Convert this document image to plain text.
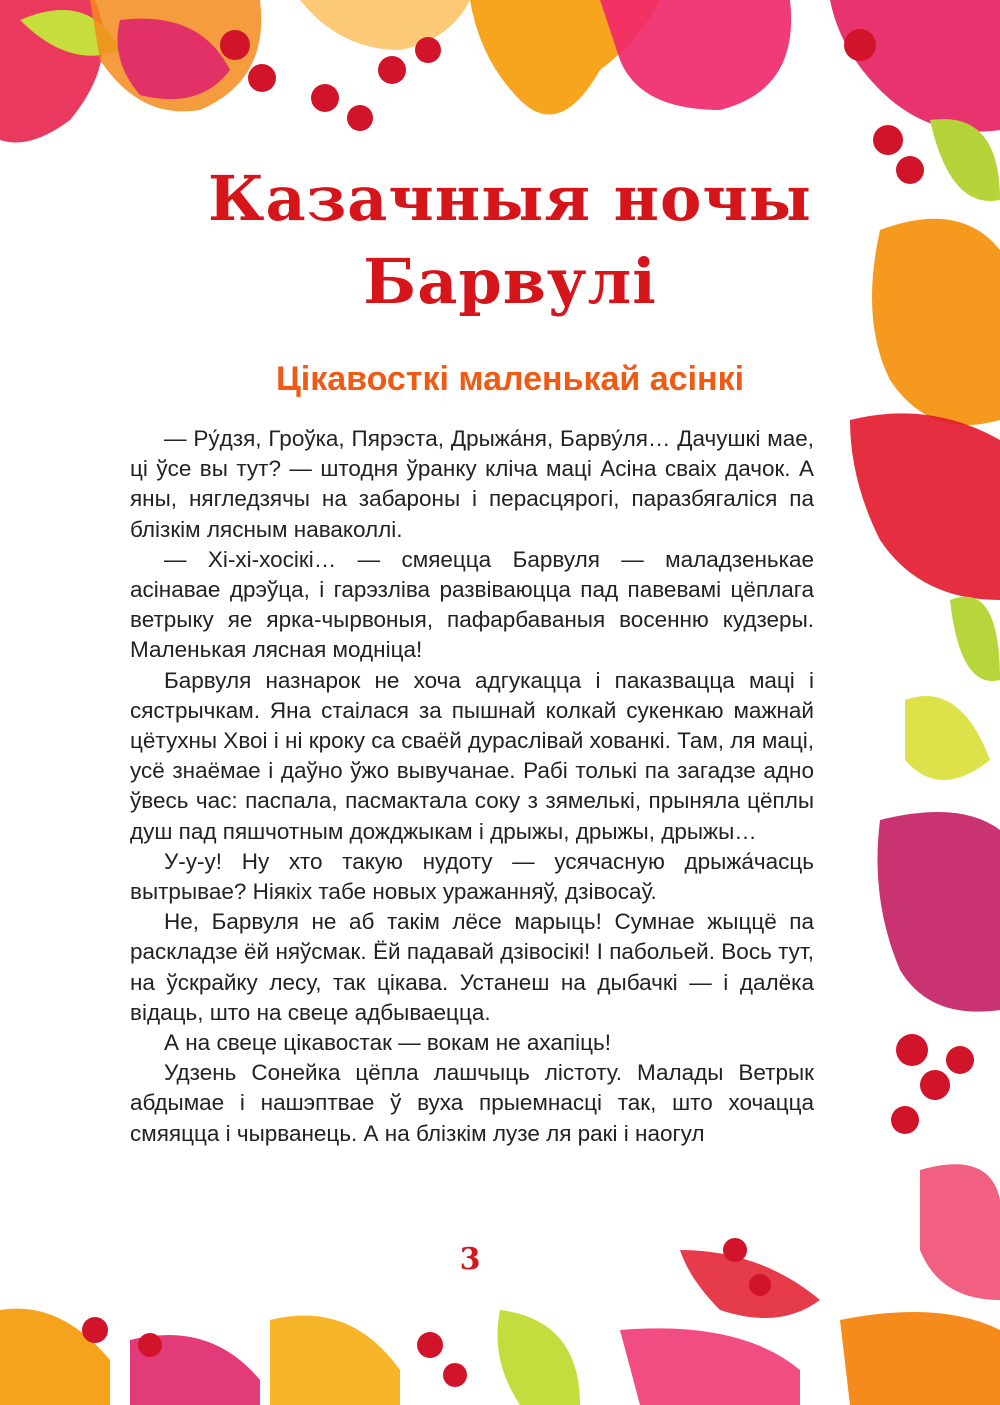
Казачныя ночы
Барвулі
Цікавосткі маленькай асінкі

— Ру́дзя, Гроўка, Пярэста, Дрыжа́ня, Барву́ля… Дачушкі мае, ці ўсе вы тут? — штодня ўранку кліча маці Асіна сваіх дачок. А яны, нягледзячы на забароны і перасцярогі, паразбягаліся па блізкім лясным наваколлі.

— Хі-хі-хосікі… — смяецца Барвуля — маладзенькае асінавае дрэўца, і гарэзліва развіваюцца пад павевамі цёплага ветрыку яе ярка-чырвоныя, пафарбаваныя восенню кудзеры. Маленькая лясная модніца!

Барвуля назнарок не хоча адгукацца і паказвацца маці і сястрычкам. Яна стаілася за пышнай колкай сукенкаю мажнай цётухны Хвоі і ні кроку са сваёй дураслівай хованкі. Там, ля маці, усё знаёмае і даўно ўжо вывучанае. Рабі толькі па загадзе адно ўвесь час: паспала, пасмактала соку з зямелькі, прыняла цёплы душ пад пяшчотным дожджыкам і дрыжы, дрыжы, дрыжы…

У-у-у! Ну хто такую нудоту — усячасную дрыжа́часць вытрывае? Ніякіх табе новых уражанняў, дзівосаў.

Не, Барвуля не аб такім лёсе марыць! Сумнае жыццё па раскладзе ёй няўсмак. Ёй падавай дзівосікі! І пабольей. Вось тут, на ўскрайку лесу, так цікава. Устанеш на дыбачкі — і далёка відаць, што на свеце адбываецца.

А на свеце цікавостак — вокам не ахапіць!

Удзень Сонейка цёпла лашчыць лістоту. Малады Ветрык абдымае і нашэптвае ў вуха прыемнасці так, што хочацца смяяцца і чырванець. А на блізкім лузе ля ракі і наогул

3
